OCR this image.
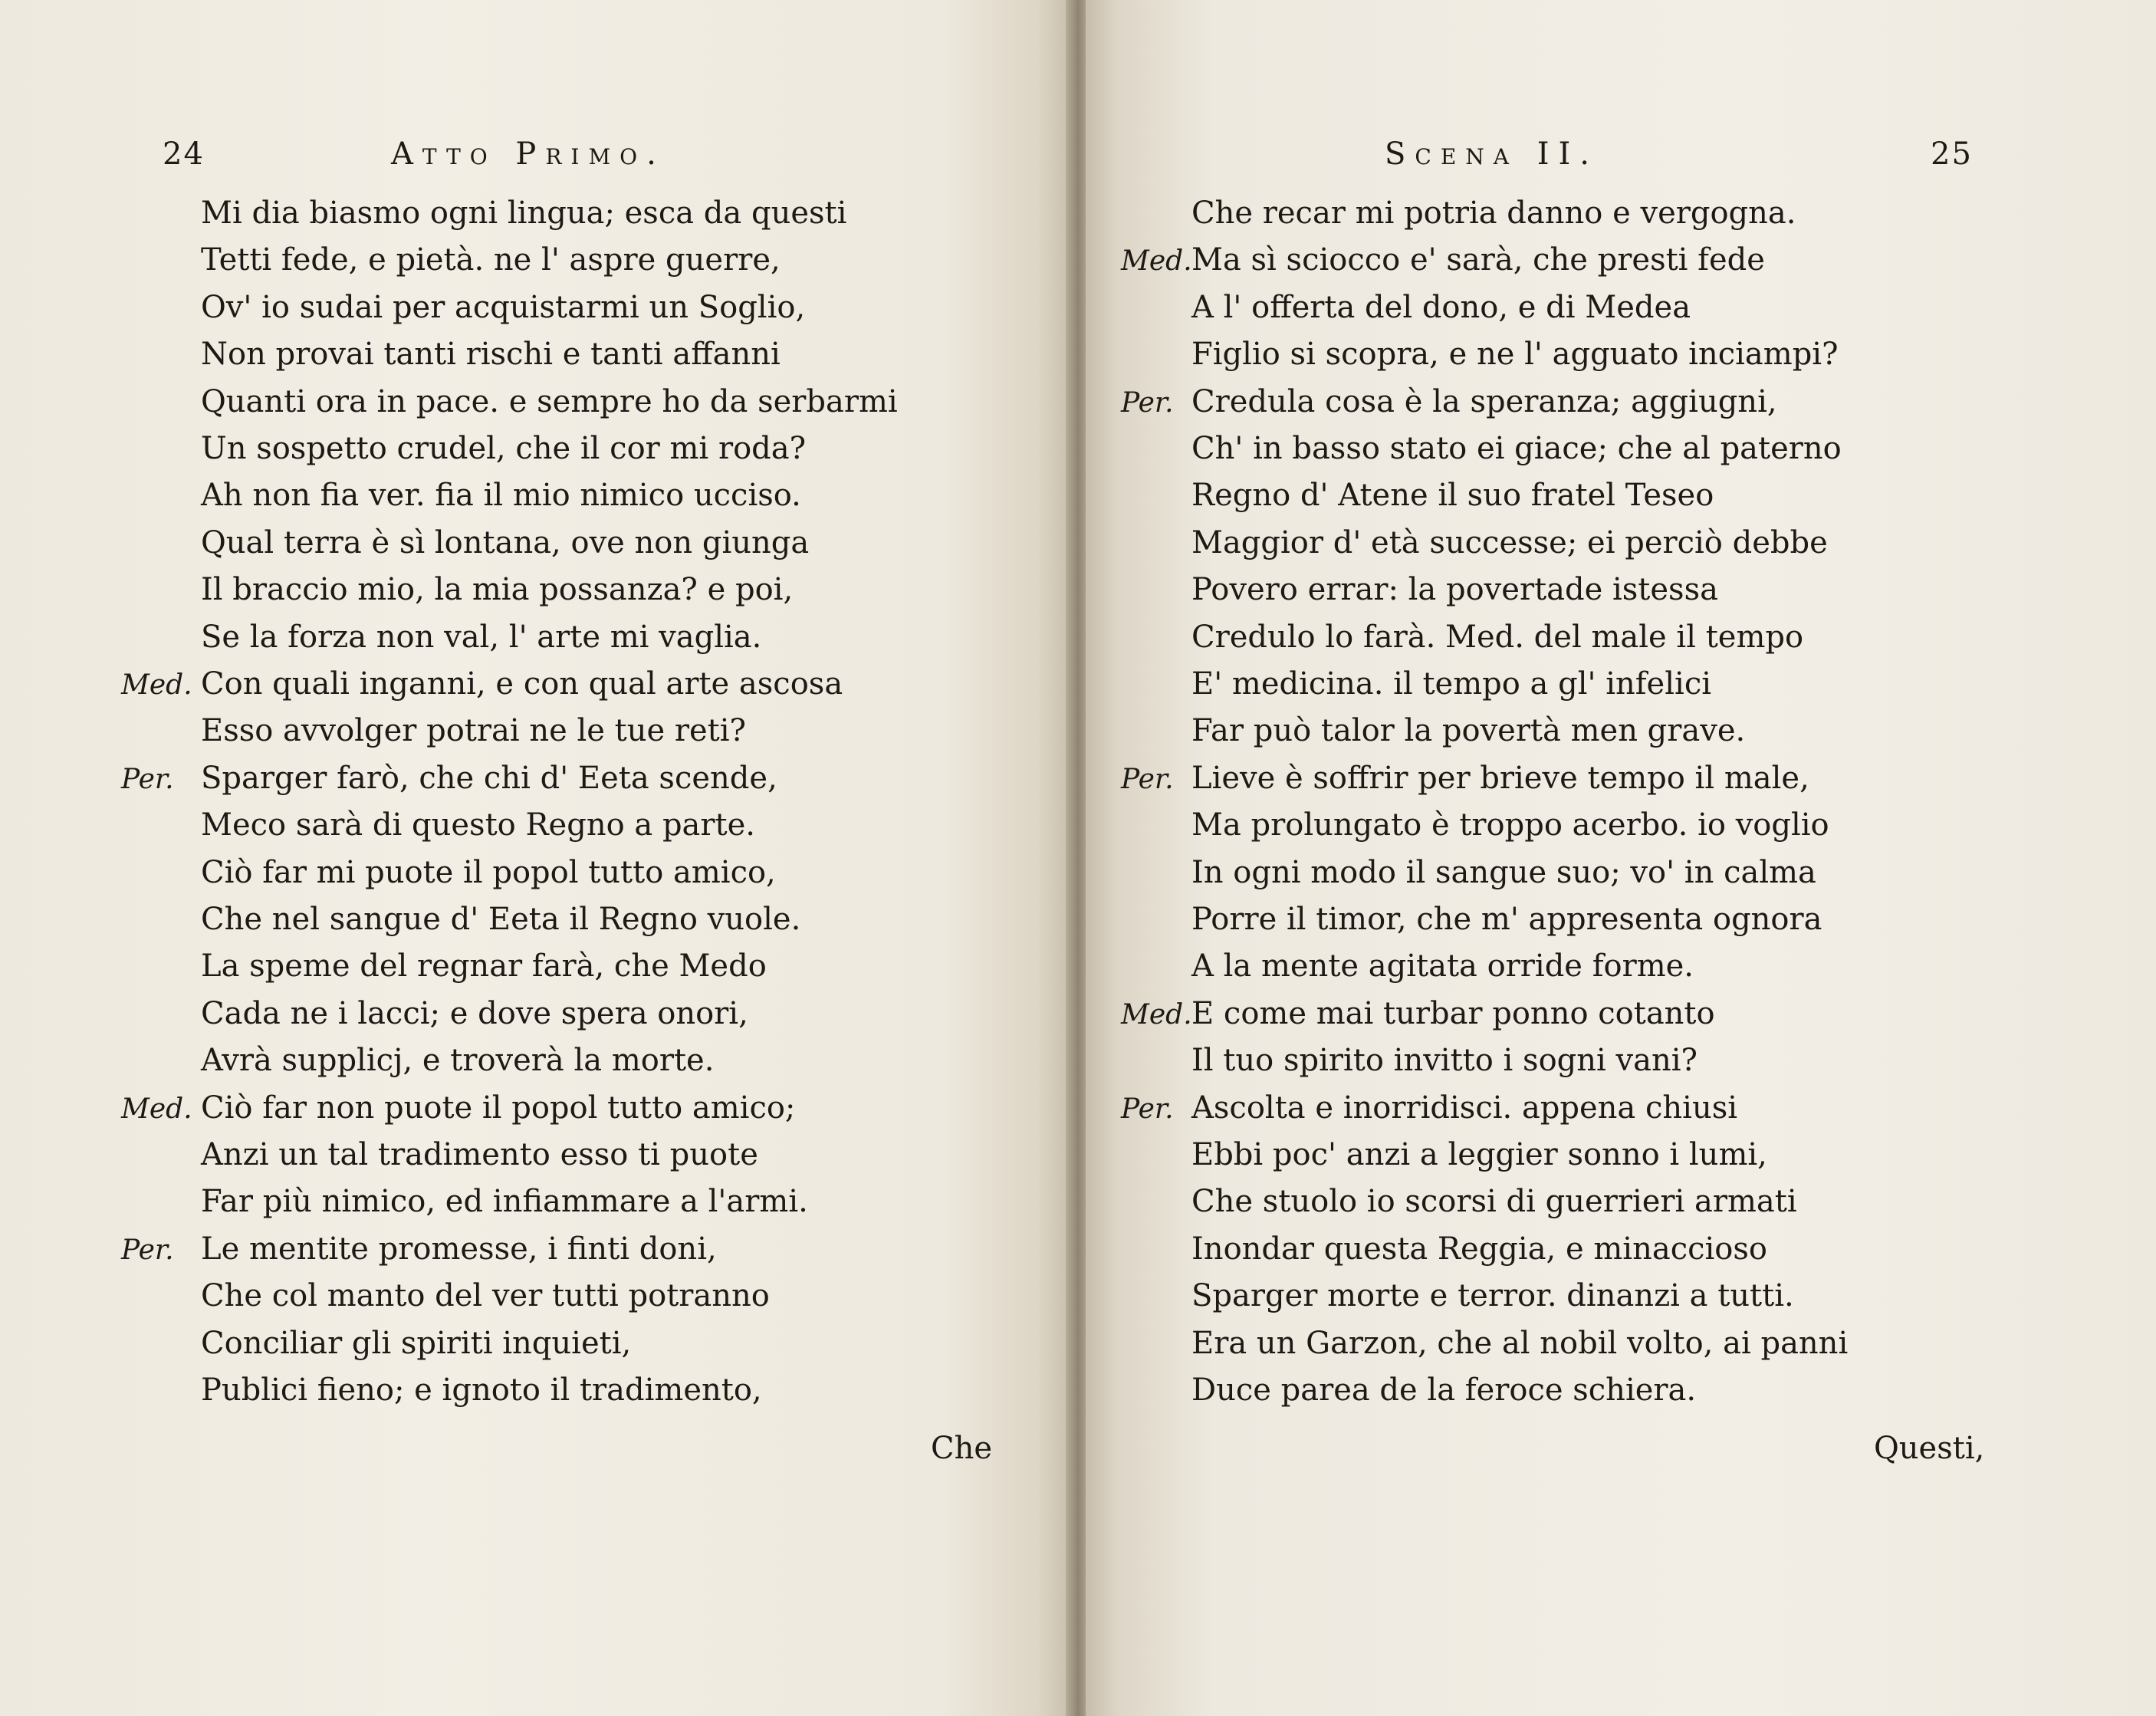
24	Atto Primo.
Mi dia biasmo ogni lingua; esca da questi
Tetti fede, e pietà. ne l' aspre guerre,
Ov' io sudai per acquistarmi un Soglio,
Non provai tanti rischi e tanti affanni
Quanti ora in pace. e sempre ho da serbarmi
Un sospetto crudel, che il cor mi roda?
Ah non fia ver. fia il mio nimico ucciso.
Qual terra è sì lontana, ove non giunga
Il braccio mio, la mia possanza? e poi,
Se la forza non val, l' arte mi vaglia.
Med. Con quali inganni, e con qual arte ascosa
Esso avvolger potrai ne le tue reti?
Per. Sparger farò, che chi d' Eeta scende,
Meco sarà di questo Regno a parte.
Ciò far mi puote il popol tutto amico,
Che nel sangue d' Eeta il Regno vuole.
La speme del regnar farà, che Medo
Cada ne i lacci; e dove spera onori,
Avrà supplicj, e troverà la morte.
Med. Ciò far non puote il popol tutto amico;
Anzi un tal tradimento esso ti puote
Far più nimico, ed infiammare a l'armi.
Per. Le mentite promesse, i finti doni,
Che col manto del ver tutti potranno
Conciliar gli spiriti inquieti,
Publici fieno; e ignoto il tradimento,
Che
Scena II.	25
Che recar mi potria danno e vergogna.
Med. Ma sì sciocco e' sarà, che presti fede
A l' offerta del dono, e di Medea
Figlio si scopra, e ne l' agguato inciampi?
Per. Credula cosa è la speranza; aggiugni,
Ch' in basso stato ei giace; che al paterno
Regno d' Atene il suo fratel Teseo
Maggior d' età successe; ei perciò debbe
Povero errar: la povertade istessa
Credulo lo farà. Med. del male il tempo
E' medicina. il tempo a gl' infelici
Far può talor la povertà men grave.
Per. Lieve è soffrir per brieve tempo il male,
Ma prolungato è troppo acerbo. io voglio
In ogni modo il sangue suo; vo' in calma
Porre il timor, che m' appresenta ognora
A la mente agitata orride forme.
Med. E come mai turbar ponno cotanto
Il tuo spirito invitto i sogni vani?
Per. Ascolta e inorridisci. appena chiusi
Ebbi poc' anzi a leggier sonno i lumi,
Che stuolo io scorsi di guerrieri armati
Inondar questa Reggia, e minaccioso
Sparger morte e terror. dinanzi a tutti.
Era un Garzon, che al nobil volto, ai panni
Duce parea de la feroce schiera.
Questi,
